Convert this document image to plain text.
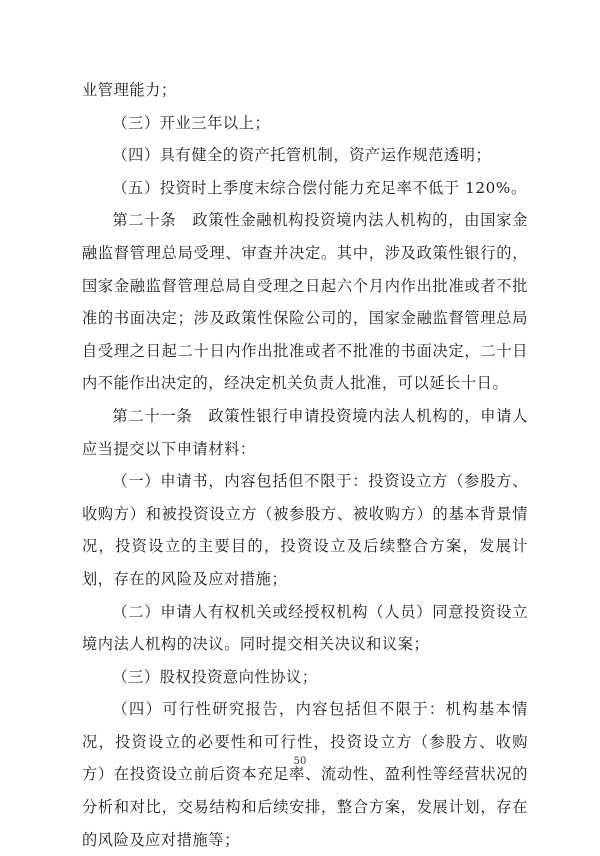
业管理能力；

（三）开业三年以上；

（四）具有健全的资产托管机制，资产运作规范透明；

（五）投资时上季度末综合偿付能力充足率不低于 120%。

第二十条　政策性金融机构投资境内法人机构的，由国家金融监督管理总局受理、审查并决定。其中，涉及政策性银行的，国家金融监督管理总局自受理之日起六个月内作出批准或者不批准的书面决定；涉及政策性保险公司的，国家金融监督管理总局自受理之日起二十日内作出批准或者不批准的书面决定，二十日内不能作出决定的，经决定机关负责人批准，可以延长十日。

第二十一条　政策性银行申请投资境内法人机构的，申请人应当提交以下申请材料：

（一）申请书，内容包括但不限于：投资设立方（参股方、收购方）和被投资设立方（被参股方、被收购方）的基本背景情况，投资设立的主要目的，投资设立及后续整合方案，发展计划，存在的风险及应对措施；

（二）申请人有权机关或经授权机构（人员）同意投资设立境内法人机构的决议。同时提交相关决议和议案；

（三）股权投资意向性协议；

（四）可行性研究报告，内容包括但不限于：机构基本情况，投资设立的必要性和可行性，投资设立方（参股方、收购方）在投资设立前后资本充足率、流动性、盈利性等经营状况的分析和对比，交易结构和后续安排，整合方案，发展计划，存在的风险及应对措施等；

50
